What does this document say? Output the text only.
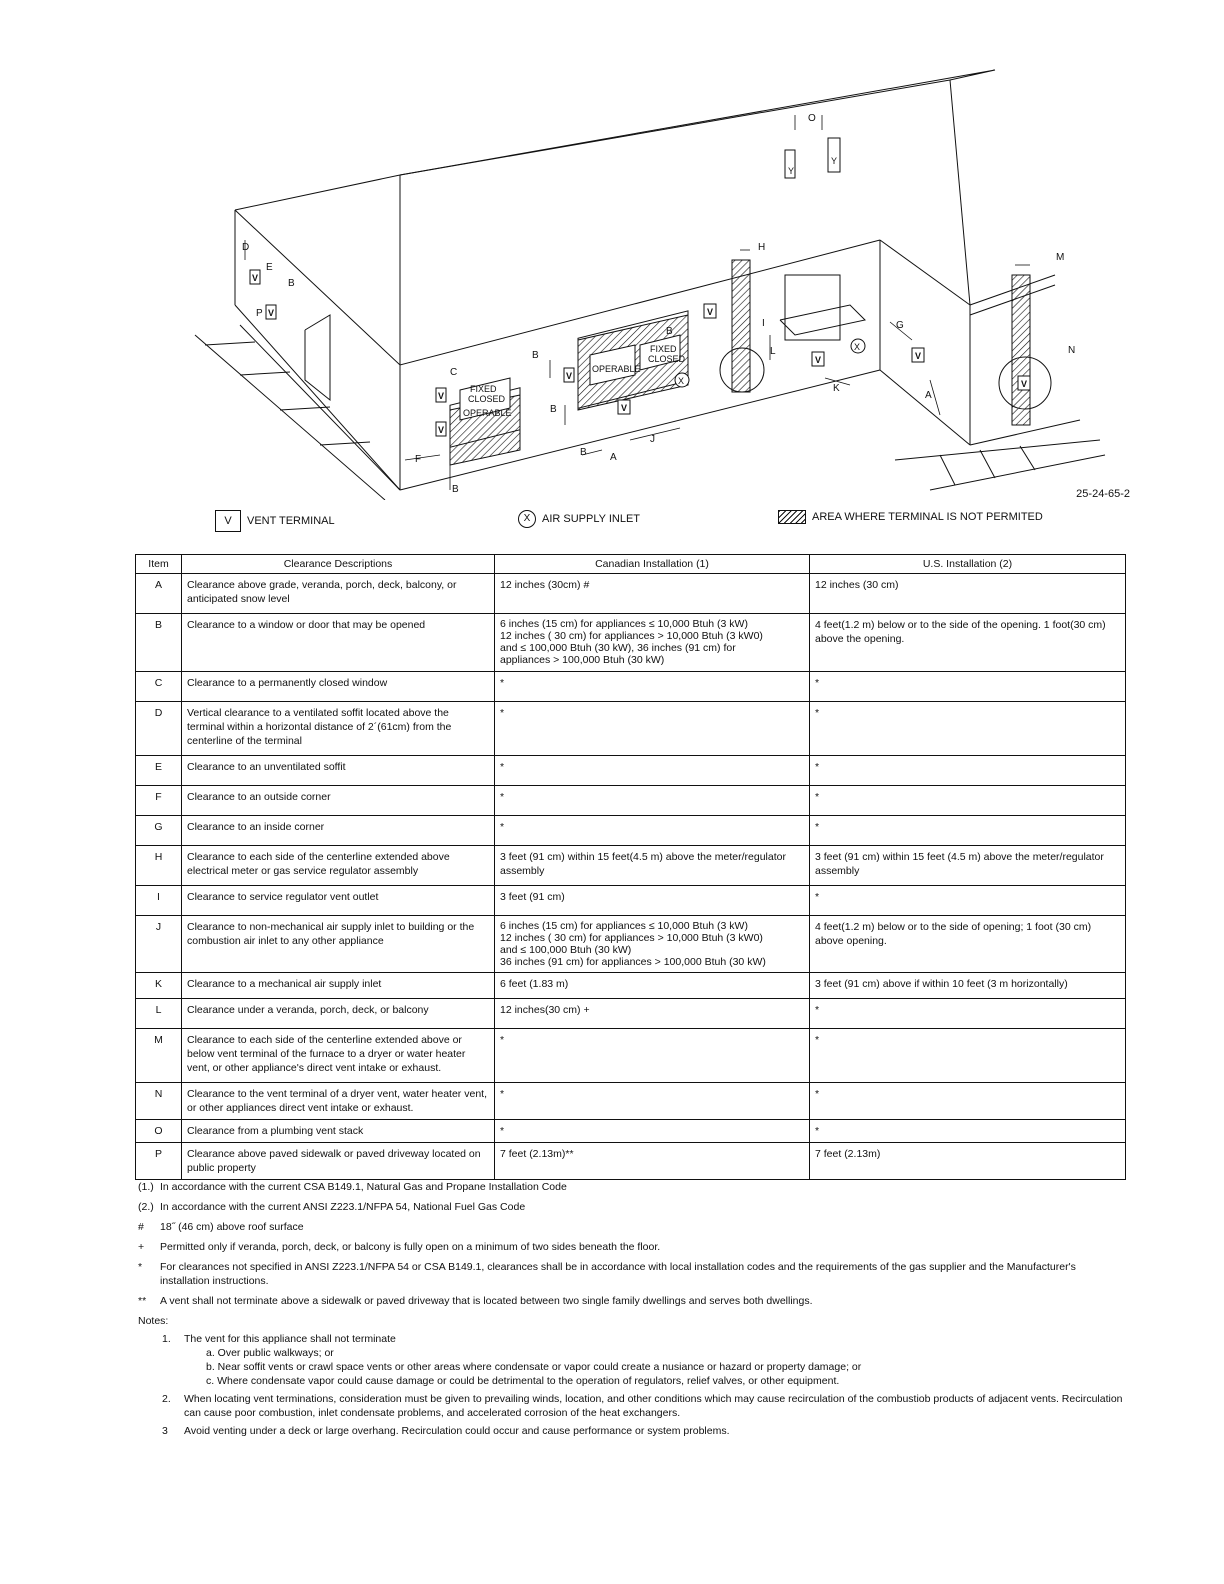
FIXED
CLOSED
OPERABLE
OPERABLE
FIXED
CLOSED
V
V
V
V
V
V
V
V	V
V
X
X
Y
Y
O
H
M
I
L
K
G
A
N
C
F
B
B
B
B
B
B
A
J
D
E
P
25-24-65-2
V	VENT TERMINAL	X	AIR SUPPLY INLET	AREA WHERE TERMINAL IS NOT PERMITED
Item	Clearance Descriptions	Canadian Installation (1)	U.S. Installation (2)
A	Clearance above grade, veranda, porch, deck, balcony, or anticipated snow level	12 inches (30cm) #	12 inches (30 cm)
B	Clearance to a window or door that may be opened	6 inches (15 cm) for appliances ≤ 10,000 Btuh (3 kW)
12 inches ( 30 cm) for appliances > 10,000 Btuh (3 kW0)
and ≤ 100,000 Btuh (30 kW), 36 inches (91 cm) for
appliances > 100,000 Btuh (30 kW)	4 feet(1.2 m) below or to the side of the opening. 1 foot(30 cm) above the opening.
C	Clearance to a permanently closed window	*	*
D	Vertical clearance to a ventilated soffit located above the terminal within a horizontal distance of 2´(61cm) from the centerline of the terminal	*	*
E	Clearance to an unventilated soffit	*	*
F	Clearance to an outside corner	*	*
G	Clearance to an inside corner	*	*
H	Clearance to each side of the centerline extended above electrical meter or gas service regulator assembly	3 feet (91 cm) within 15 feet(4.5 m) above the meter/regulator assembly	3 feet (91 cm) within 15 feet (4.5 m) above the meter/regulator assembly
I	Clearance to service regulator vent outlet	3 feet (91 cm)	*
J	Clearance to non-mechanical air supply inlet to building or the combustion air inlet to any other appliance	6 inches (15 cm) for appliances ≤ 10,000 Btuh (3 kW)
12 inches ( 30 cm) for appliances > 10,000 Btuh (3 kW0)
and ≤ 100,000 Btuh (30 kW)
36 inches (91 cm) for appliances > 100,000 Btuh (30 kW)	4 feet(1.2 m) below or to the side of opening; 1 foot (30 cm) above opening.
K	Clearance to a mechanical air supply inlet	6 feet (1.83 m)	3 feet (91 cm) above if within 10 feet (3 m horizontally)
L	Clearance under a veranda, porch, deck, or balcony	12 inches(30 cm) +	*
M	Clearance to each side of the centerline extended above or below vent terminal of the furnace to a dryer or water heater vent, or other appliance's direct vent intake or exhaust.	*	*
N	Clearance to the vent terminal of a dryer vent, water heater vent, or other appliances direct vent intake or exhaust.	*	*
O	Clearance from a plumbing vent stack	*	*
P	Clearance above paved sidewalk or paved driveway located on public property	7 feet (2.13m)**	7 feet (2.13m)
(1.) In accordance with the current CSA B149.1, Natural Gas and Propane Installation Code
(2.) In accordance with the current ANSI Z223.1/NFPA 54, National Fuel Gas Code
#	18˝ (46 cm) above roof surface
+	Permitted only if veranda, porch, deck, or balcony is fully open on a minimum of two sides beneath the floor.
*	For clearances not specified in ANSI Z223.1/NFPA 54 or CSA B149.1, clearances shall be in accordance with local installation codes and the requirements of the gas supplier and the Manufacturer's installation instructions.
**	A vent shall not terminate above a sidewalk or paved driveway that is located between two single family dwellings and serves both dwellings.
Notes:
1.	The vent for this appliance shall not terminate
a. Over public walkways; or
b. Near soffit vents or crawl space vents or other areas where condensate or vapor could create a nusiance or hazard or property damage; or
c. Where condensate vapor could cause damage or could be detrimental to the operation of regulators, relief valves, or other equipment.
2.	When locating vent terminations, consideration must be given to prevailing winds, location, and other conditions which may cause recirculation of the combustiob products of adjacent vents. Recirculation can cause poor combustion, inlet condensate problems, and accelerated corrosion of the heat exchangers.
3	Avoid venting under a deck or large overhang. Recirculation could occur and cause performance or system problems.
